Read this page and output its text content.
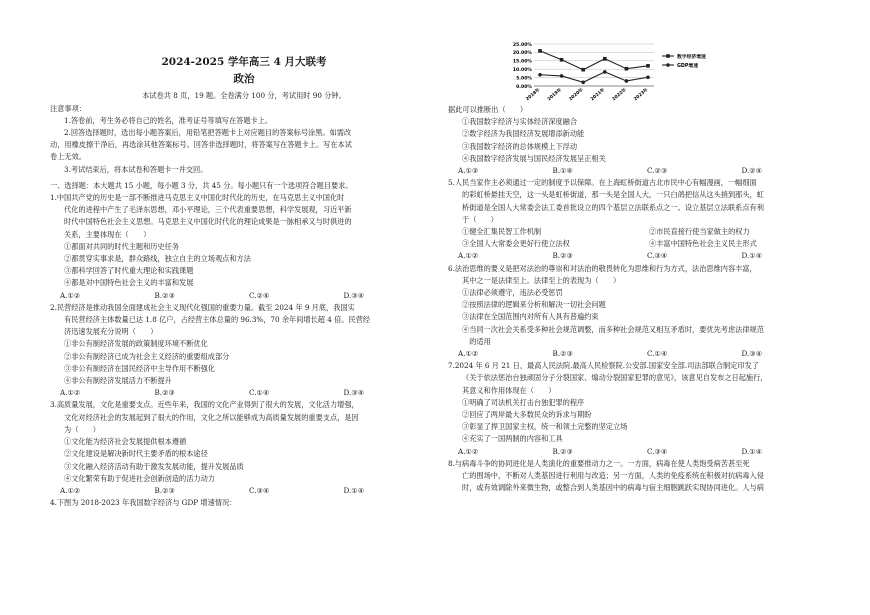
2024-2025 学年高三 4 月大联考
政治
本试卷共 8 页，19 题。全卷满分 100 分，考试用时 90 分钟。
注意事项：
1.答卷前，考生务必将自己的姓名，准考证号等填写在答题卡上。
2.回答选择题时，选出每小题答案后，用铅笔把答题卡上对应题目的答案标号涂黑。如需改
动，用橡皮擦干净后，再选涂其他答案标号。回答非选择题时，将答案写在答题卡上。写在本试
卷上无效。
3.考试结束后，将本试卷和答题卡一并交回。
一、选择题：本大题共 15 小题，每小题 3 分，共 45 分。每小题只有一个选项符合题目要求。
1.中国共产党的历史是一部不断推进马克思主义中国化时代化的历史，在马克思主义中国化时
代化的进程中产生了毛泽东思想，邓小平理论，三个代表重要思想，科学发展观，习近平新
时代中国特色社会主义思想。马克思主义中国化时代化的理论成果是一脉相承又与时俱进的
关系，主要体现在（　　）
①都面对共同的时代主题和历史任务
②都贯穿实事求是，群众路线，独立自主的立场观点和方法
③都科学回答了时代重大理论和实践课题
④都是对中国特色社会主义的丰富和发展
A.①②	B.②③	C.②④	D.③④
2.民营经济是推动我国全面建成社会主义现代化强国的重要力量。截至 2024 年 9 月底，我国实
有民营经济主体数量已达 1.8 亿户，占经营主体总量的 96.3%，70 余年间增长超 4 倍。民营经
济迅速发展充分说明（　　）
①非公有制经济发展的政策制度环境不断优化
②非公有制经济已成为社会主义经济的重要组成部分
③非公有制经济在国民经济中主导作用不断强化
④非公有制经济发展活力不断提升
A.①②	B.②③	C.①④	D.③④
3.高质量发展，文化是重要支点。近些年来，我国的文化产业得到了很大的发展，文化活力增强，
文化对经济社会的发展起到了很大的作用，文化之所以能够成为高质量发展的重要支点，是因
为（　　）
①文化能为经济社会发展提供根本遵循
②文化建设是解决新时代主要矛盾的根本途径
③文化融入经济活动有助于激发发展动能，提升发展品质
④文化繁荣有助于促进社会创新创造的活力动力
A.①②	B.②③	C.③④	D.①④
4.下图为 2018-2023 年我国数字经济与 GDP 增速情况：
25.00%
20.00%
15.00%
10.00%
5.00%
0.00%
2018年 2019年 2020年 2021年 2022年 2023年
数字经济增速
GDP增速
据此可以推断出（　　）
①我国数字经济与实体经济深度融合
②数字经济为我国经济发展增添新动能
③我国数字经济的总体规模上下浮动
④我国数字经济发展与国民经济发展呈正相关
A.①③	B.①④	C.②③	D.②④
5.人民当家作主必须通过一定的制度予以保障。在上海虹桥街道古北市民中心有幅漫画，一幅细面
的彩虹桥悬挂天空，这一头是虹桥街道，那一头是全国人大，一只白鸽把信从这头捎到那头，虹
桥街道是全国人大常委会法工委首批设立的四个基层立法联系点之一。设立基层立法联系点有利
于（　　）
①健全汇集民智工作机制	②市民直接行使当家做主的权力
③全国人大常委会更好行使立法权	④丰富中国特色社会主义民主形式
A.①②	B.②③	C.③④	D.①④
6.法治思维的要义是把对法治的尊崇和对法治的敬畏转化为思维和行为方式，法治思维内容丰富，
其中之一是法律至上。法律至上的表现为（　　）
①法律必须遵守，违法必受惩罚
②按照法律的逻辑来分析和解决一切社会问题
③法律在全国范围内对所有人具有普遍约束
④当同一次社会关系受多种社会规范调整，而多种社会规范又相互矛盾时，要优先考虑法律规范
　的适用
A.①②	B.②③	C.①④	D.③④
7.2024 年 6 月 21 日，最高人民法院.最高人民检察院.公安部.国家安全部.司法部联合制定印发了
《关于依法惩治台独顽固分子分裂国家、煽动分裂国家犯罪的意见》，该意见自发布之日起施行，
其意义和作用体现在（　　）
①明确了司法机关打击台独犯罪的程序
②回应了两岸最大多数民众的诉求与期盼
③彰显了捍卫国家主权，统一和领土完整的坚定立场
④充实了一国两制的内容和工具
A.①②	B.②③	C.③④	D.①④
8.与病毒斗争的协同进化是人类演化的重要推动力之一。一方面，病毒在使人类饱受病苦甚至死
亡的围场中，不断对人类基因进行利用与改造；另一方面，人类的免疫系统在积极对抗病毒入侵
时，或有效调除外来微生物，或整合到人类基因中的病毒与宿主细胞跳跃实现协同进化。人与病
